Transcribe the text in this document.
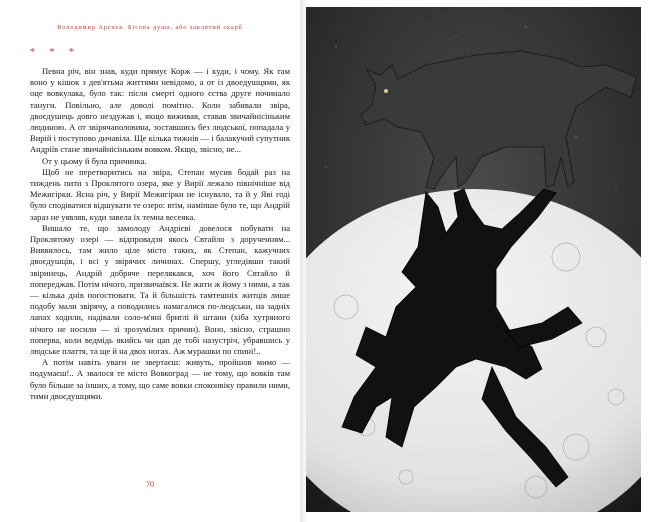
Володимир Арєнєв. Бісова душа, або заклятий скарб
* * *

Певна річ, він знав, куди прямує Корж — і куди, і чому. Як там воно у кішок з дев'ятьма життями невідомо, а от із двоедушцями, як оце вовкулака, було так: після смерті одного єства друге починало тануги. Повільно, але доволі помітно. Коли забивали звіра, двоєдушець довго нездужав і, якщо виживав, ставав звичайнісіньким людиною. А от звірячаполовина, зоставшись без людської, попадала у Вирій і поступово дичавіла. Ще кілька тижнів — і балакучий супутник Андріїв стане звичайнісіньким вовком. Якщо, звісно, не...

От у цьому й була причинка.

Щоб не перетворитись на звіра, Степан мусив бодай раз на тиждень пити з Проклятого озера, яке у Вирії лежало північніше від Межигірки. Ясна річ, у Вирії Межигірки не існувало, та й у Яві годі було сподіватися відшукати те озеро: втім, наміпше було те, що Андрій зараз не уявляв, куди завела їх темна весеяка.

Вишало те, що замолоду Андрієві довелося побувати на Проклятому озері — відпровадзя якось Свтайло з дорученням... Виявилось, там жило ціле місто таких, як Степан, кажучних двоєдушців, і всі у звірячих личинах. Спершу, угледівши такий звіринець, Андрій добряче перелякався, хоч його Свтайло й попереджав. Потім нічого, призвичаївся. Не жити ж йому з ними, а так — кілька днів погостювати. Та й більшість тамтешніх житців лише подобу мали звірячу, а поводились намагалися по-людськи, на задніх лапах ходили, надівали соло-м'яні бриглі й штани (хіба хутряного нічого не носили — зі зрозумілих причин). Воно, звісно, страшно поперва, коли ведмідь якийсь чи цап де тобі назустріч, убравшись у людське плаття, та ще й на двох ногах. Аж мурашки по спині!..

А потім навіть уваги не звертаєш: живуть, пройшов мимо — подумаєш!.. А звалося те місто Вовкоград — не тому, що вовків там було більше за інших, а тому, що саме вовки споконвіку правили ними, тими двоєдушцями.

70
